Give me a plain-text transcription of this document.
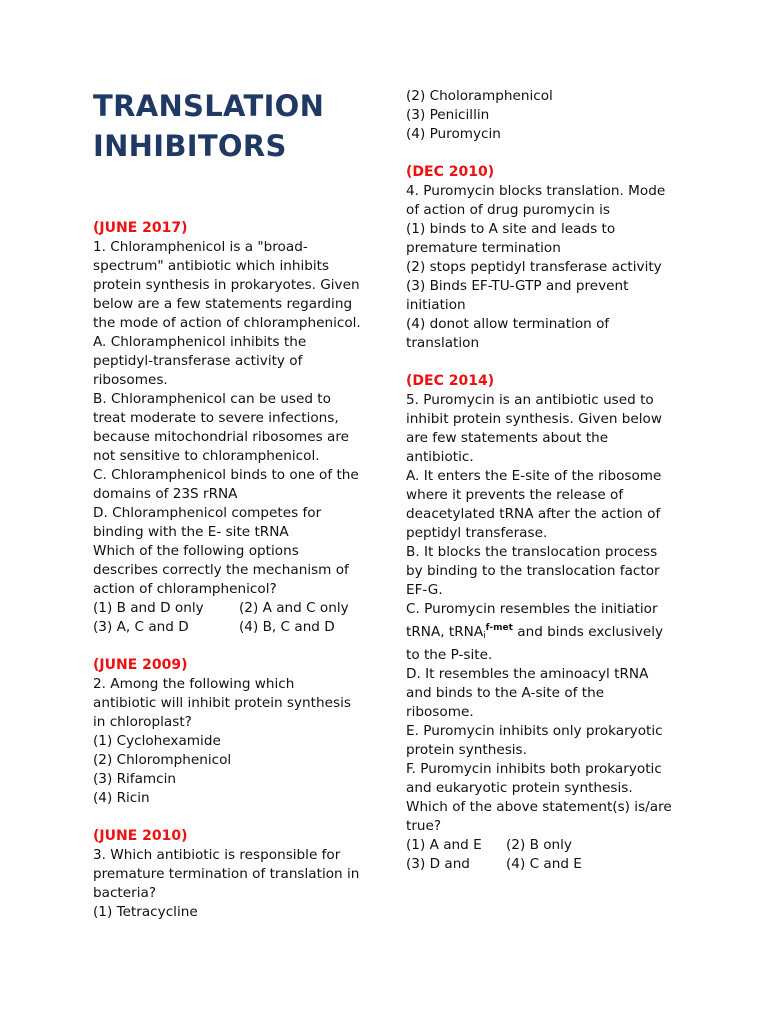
TRANSLATION
INHIBITORS
(JUNE 2017)
1. Chloramphenicol is a "broad-
spectrum" antibiotic which inhibits
protein synthesis in prokaryotes. Given
below are a few statements regarding
the mode of action of chloramphenicol.
A. Chloramphenicol inhibits the
peptidyl-transferase activity of
ribosomes.
B. Chloramphenicol can be used to
treat moderate to severe infections,
because mitochondrial ribosomes are
not sensitive to chloramphenicol.
C. Chloramphenicol binds to one of the
domains of 23S rRNA
D. Chloramphenicol competes for
binding with the E- site tRNA
Which of the following options
describes correctly the mechanism of
action of chloramphenicol?
(1) B and D only	(2) A and C only
(3) A, C and D	(4) B, C and D
(JUNE 2009)
2. Among the following which
antibiotic will inhibit protein synthesis
in chloroplast?
(1) Cyclohexamide
(2) Chloromphenicol
(3) Rifamcin
(4) Ricin
(JUNE 2010)
3. Which antibiotic is responsible for
premature termination of translation in
bacteria?
(1) Tetracycline
(2) Choloramphenicol
(3) Penicillin
(4) Puromycin
(DEC 2010)
4. Puromycin blocks translation. Mode
of action of drug puromycin is
(1) binds to A site and leads to
premature termination
(2) stops peptidyl transferase activity
(3) Binds EF-TU-GTP and prevent
initiation
(4) donot allow termination of
translation
(DEC 2014)
5. Puromycin is an antibiotic used to
inhibit protein synthesis. Given below
are few statements about the
antibiotic.
A. It enters the E-site of the ribosome
where it prevents the release of
deacetylated tRNA after the action of
peptidyl transferase.
B. It blocks the translocation process
by binding to the translocation factor
EF-G.
C. Puromycin resembles the initiatior
tRNA, tRNA$_i^{f-met}$ and binds exclusively
to the P-site.
D. It resembles the aminoacyl tRNA
and binds to the A-site of the
ribosome.
E. Puromycin inhibits only prokaryotic
protein synthesis.
F. Puromycin inhibits both prokaryotic
and eukaryotic protein synthesis.
Which of the above statement(s) is/are
true?
(1) A and E (2) B only
(3) D and	(4) C and E
